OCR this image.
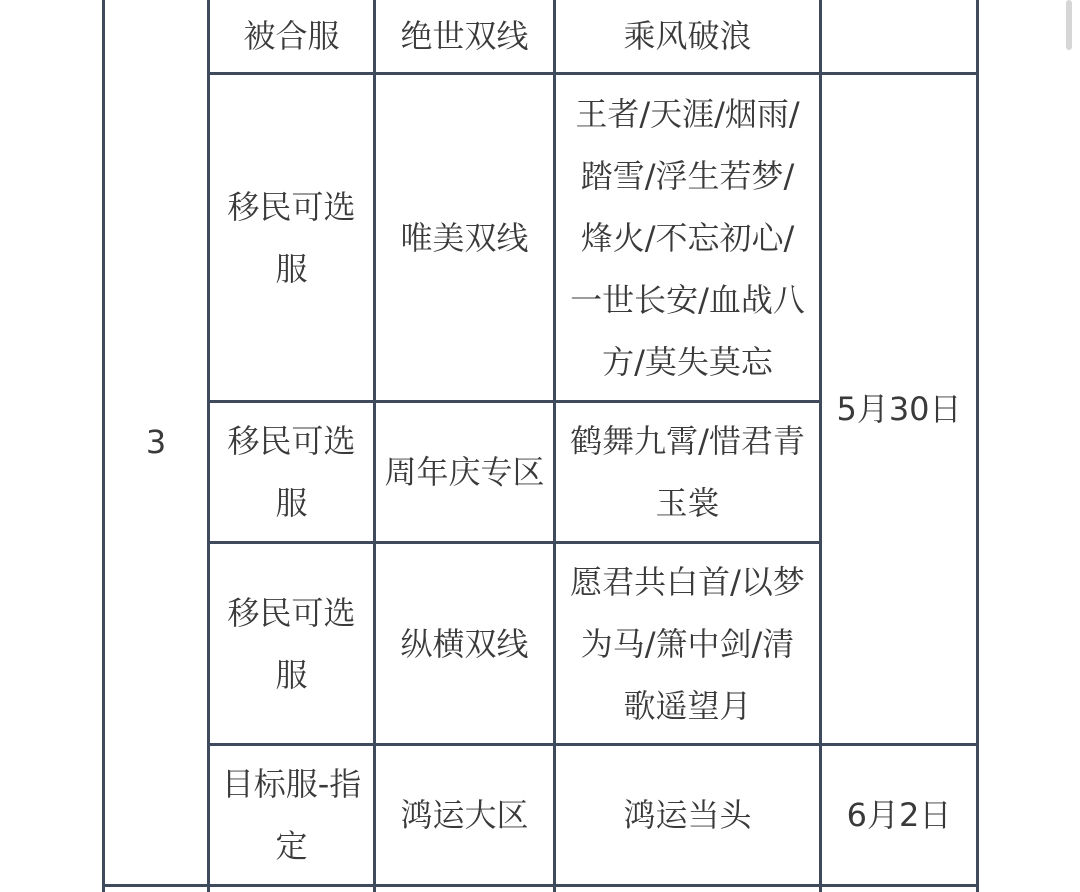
3
被合服 绝世双线	乘风破浪
移民可选
服
唯美双线
王者/天涯/烟雨/
踏雪/浮生若梦/
烽火/不忘初心/
一世长安/血战八
方/莫失莫忘
移民可选
服
周年庆专区
鹤舞九霄/惜君青
玉裳
移民可选
服
纵横双线
愿君共白首/以梦
为马/箫中剑/清
歌遥望月
目标服-指
定
鸿运大区	鸿运当头
5月30日
6月2日
